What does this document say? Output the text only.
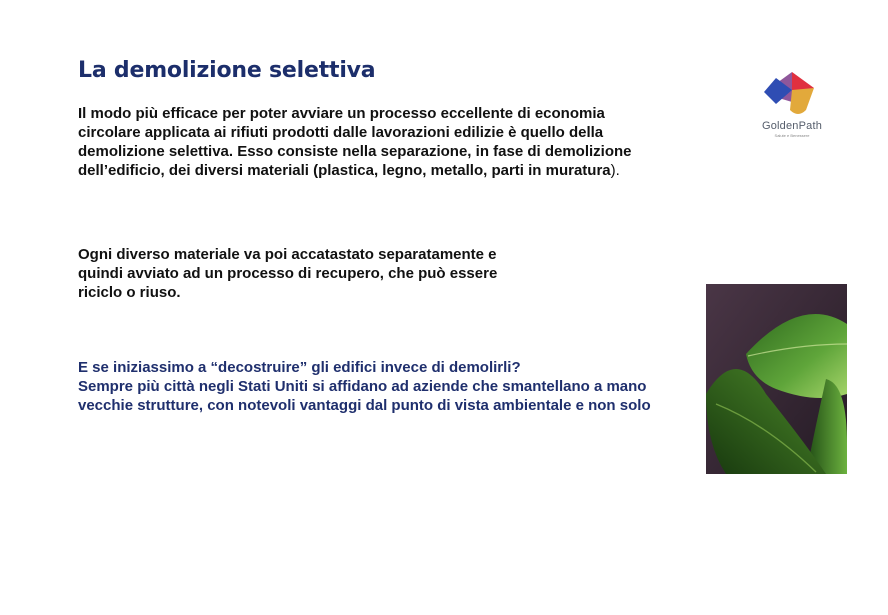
La demolizione selettiva

Il modo più efficace per poter avviare un processo eccellente di economia circolare applicata ai rifiuti prodotti dalle lavorazioni edilizie è quello della demolizione selettiva. Esso consiste nella separazione, in fase di demolizione dell’edificio, dei diversi materiali (plastica, legno, metallo, parti in muratura).

Ogni diverso materiale va poi accatastato separatamente e quindi avviato ad un processo di recupero, che può essere riciclo o riuso.

E se iniziassimo a “decostruire” gli edifici invece di demolirli?
Sempre più città negli Stati Uniti si affidano ad aziende che smantellano a mano vecchie strutture, con notevoli vantaggi dal punto di vista ambientale e non solo

GoldenPath
Salute e Benessere
